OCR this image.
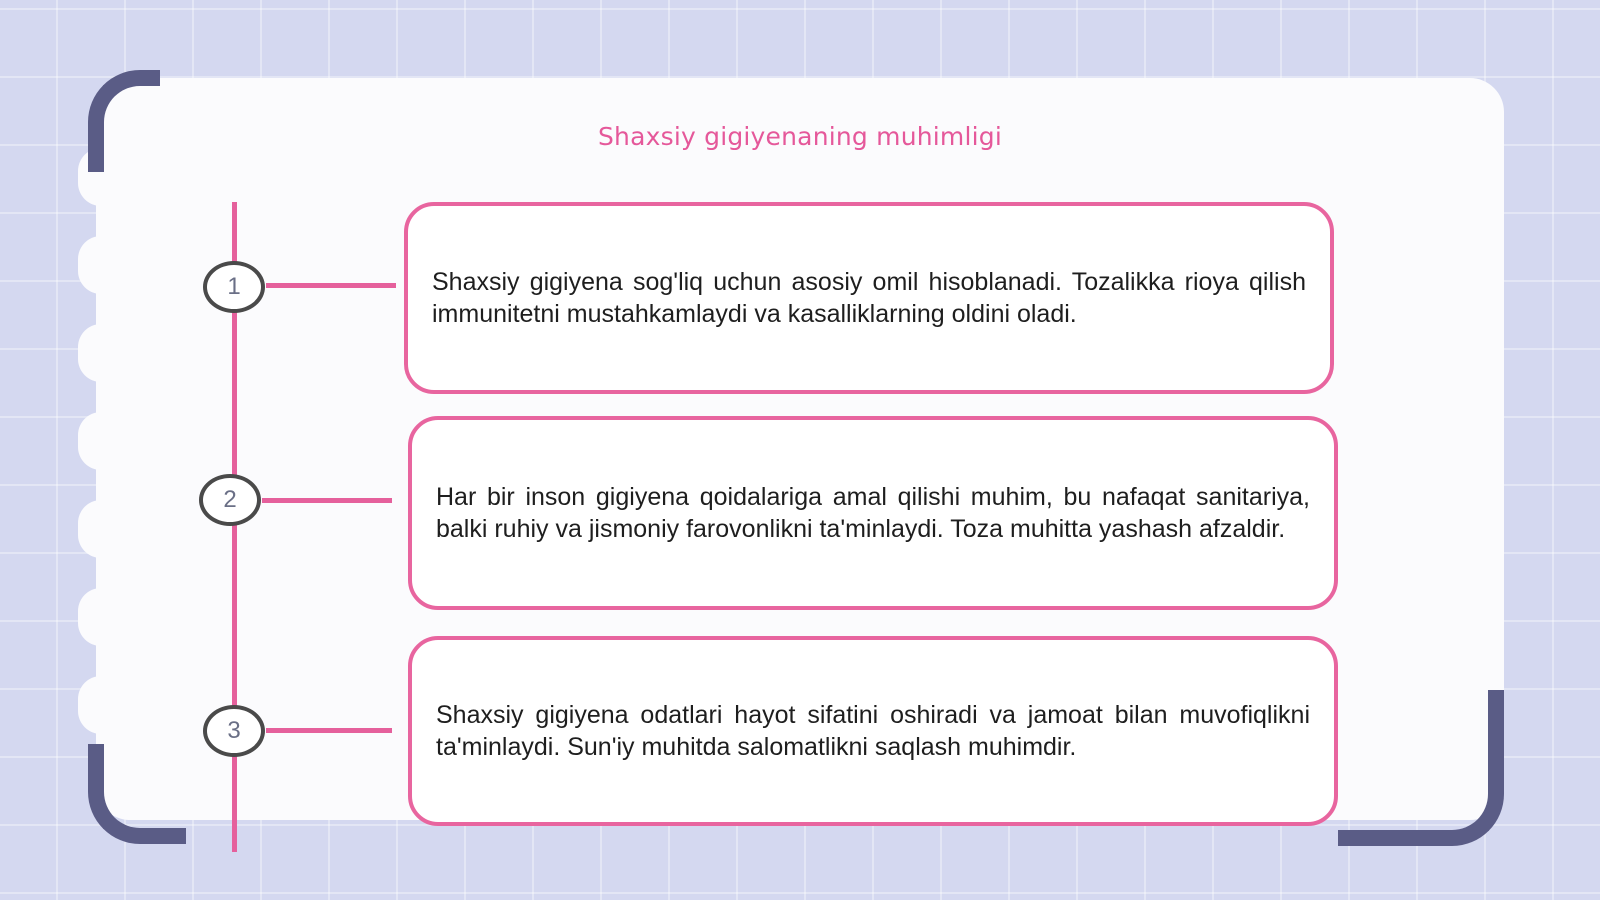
Shaxsiy gigiyenaning muhimligi
1	Shaxsiy gigiyena sog'liq uchun asosiy omil hisoblanadi. Tozalikka rioya qilish immunitetni mustahkamlaydi va kasalliklarning oldini oladi.
2	Har bir inson gigiyena qoidalariga amal qilishi muhim, bu nafaqat sanitariya, balki ruhiy va jismoniy farovonlikni ta'minlaydi. Toza muhitta yashash afzaldir.
3
Shaxsiy gigiyena odatlari hayot sifatini oshiradi va jamoat bilan muvofiqlikni ta'minlaydi. Sun'iy muhitda salomatlikni saqlash muhimdir.
